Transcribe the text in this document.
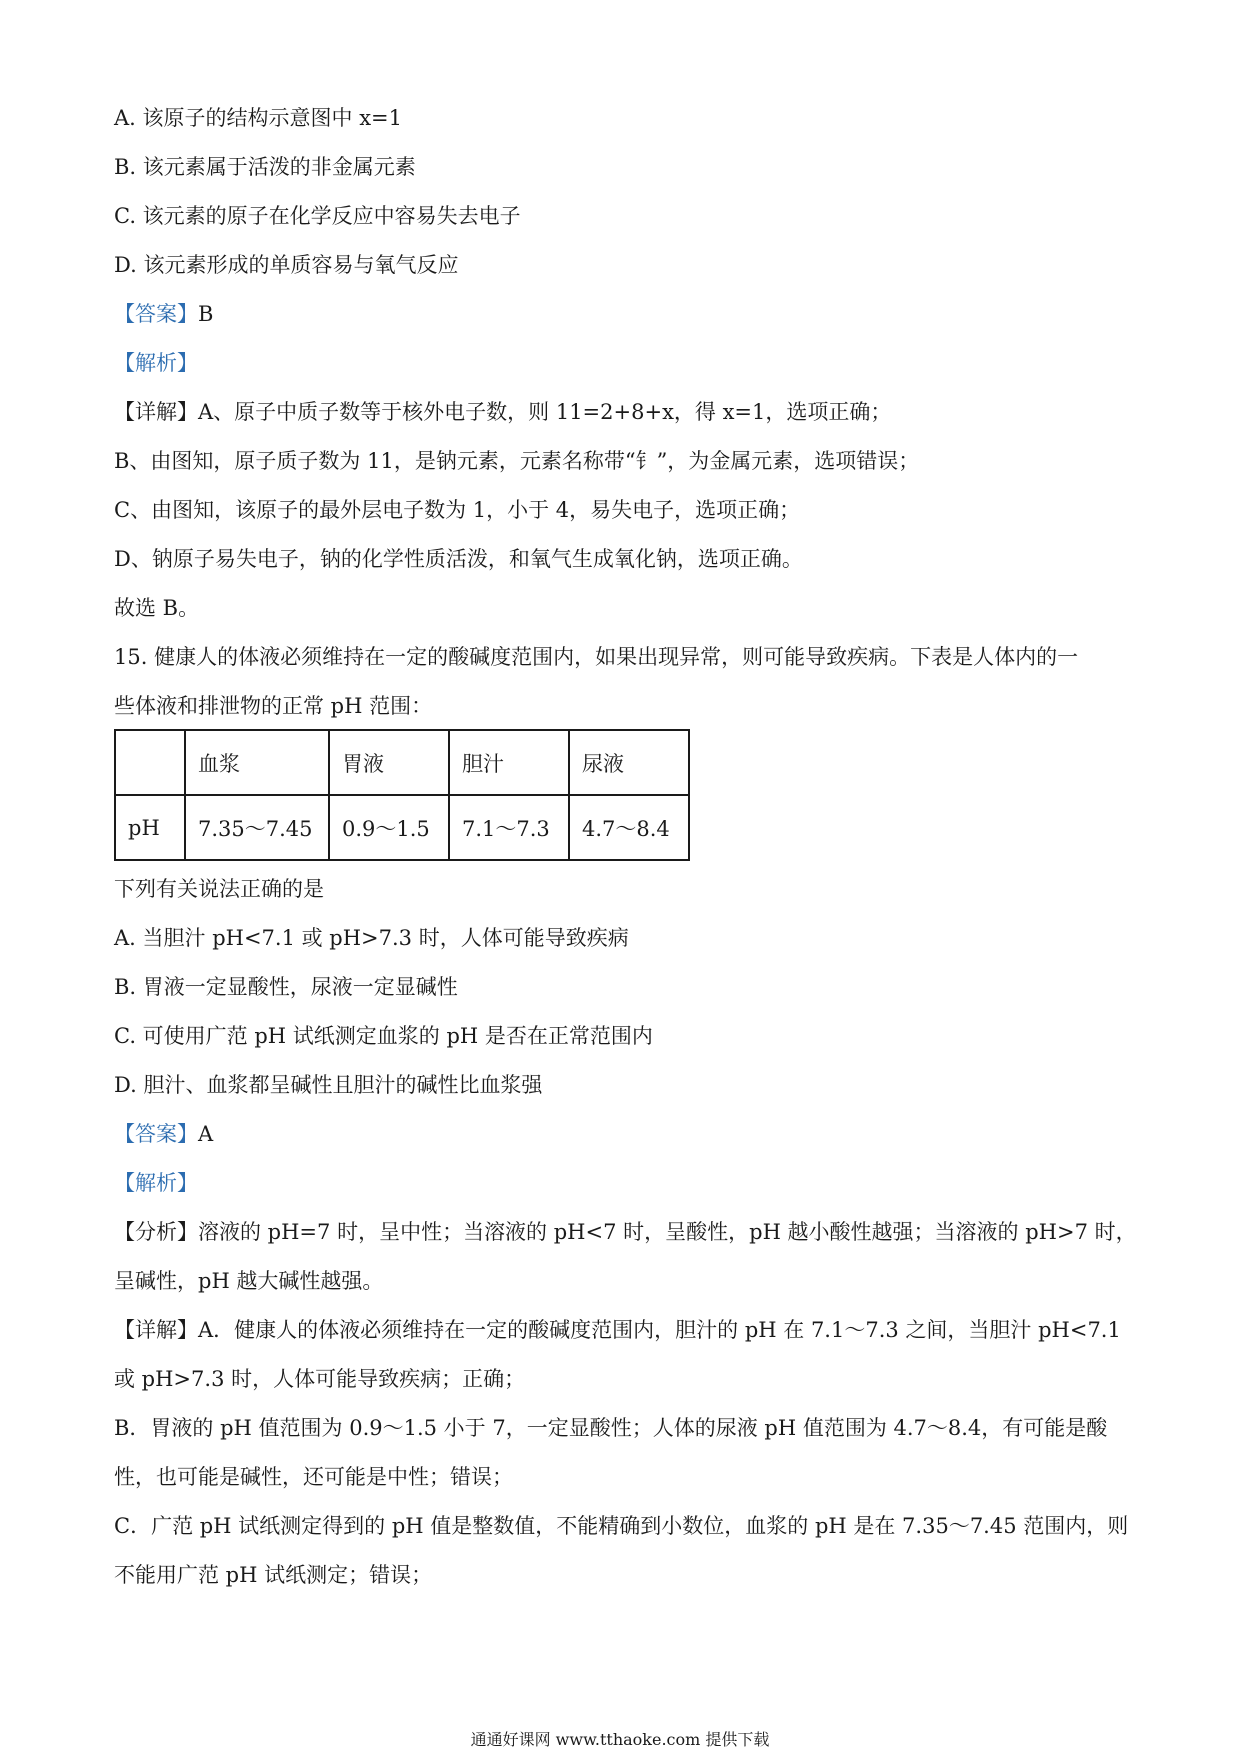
A. 该原子的结构示意图中 x=1
B. 该元素属于活泼的非金属元素
C. 该元素的原子在化学反应中容易失去电子
D. 该元素形成的单质容易与氧气反应
【答案】B
【解析】
【详解】A、原子中质子数等于核外电子数，则 11=2+8+x，得 x=1，选项正确；
B、由图知，原子质子数为 11，是钠元素，元素名称带“钅”，为金属元素，选项错误；
C、由图知，该原子的最外层电子数为 1，小于 4，易失电子，选项正确；
D、钠原子易失电子，钠的化学性质活泼，和氧气生成氧化钠，选项正确。
故选 B。
15. 健康人的体液必须维持在一定的酸碱度范围内，如果出现异常，则可能导致疾病。下表是人体内的一
些体液和排泄物的正常 pH 范围：
	血浆	胃液	胆汁	尿液
pH	7.35～7.45	0.9～1.5	7.1～7.3	4.7～8.4
下列有关说法正确的是
A. 当胆汁 pH<7.1 或 pH>7.3 时，人体可能导致疾病
B. 胃液一定显酸性，尿液一定显碱性
C. 可使用广范 pH 试纸测定血浆的 pH 是否在正常范围内
D. 胆汁、血浆都呈碱性且胆汁的碱性比血浆强
【答案】A
【解析】
【分析】溶液的 pH=7 时，呈中性；当溶液的 pH<7 时，呈酸性，pH 越小酸性越强；当溶液的 pH>7 时，
呈碱性，pH 越大碱性越强。
【详解】A．健康人的体液必须维持在一定的酸碱度范围内，胆汁的 pH 在 7.1～7.3 之间，当胆汁 pH<7.1
或 pH>7.3 时，人体可能导致疾病；正确；
B．胃液的 pH 值范围为 0.9～1.5 小于 7，一定显酸性；人体的尿液 pH 值范围为 4.7～8.4，有可能是酸
性，也可能是碱性，还可能是中性；错误；
C．广范 pH 试纸测定得到的 pH 值是整数值，不能精确到小数位，血浆的 pH 是在 7.35～7.45 范围内，则
不能用广范 pH 试纸测定；错误；
通通好课网 www.tthaoke.com 提供下载
